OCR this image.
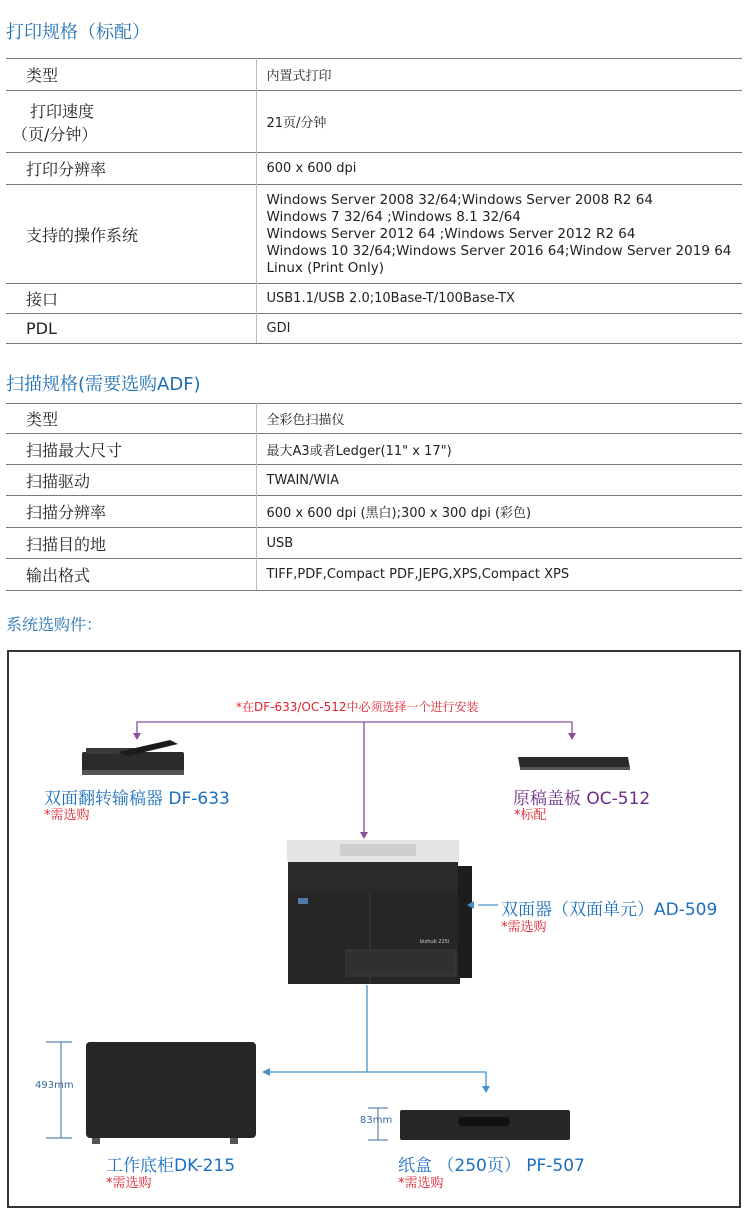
打印规格（标配）
类型	内置式打印

打印速度
（页/分钟）	21页/分钟
打印分辨率	600 x 600 dpi
支持的操作系统	Windows Server 2008 32/64;Windows Server 2008 R2 64
Windows 7 32/64 ;Windows 8.1 32/64
Windows Server 2012 64 ;Windows Server 2012 R2 64
Windows 10 32/64;Windows Server 2016 64;Window Server 2019 64
Linux (Print Only)

接口	USB1.1/USB 2.0;10Base-T/100Base-TX
PDL	GDI
扫描规格(需要选购ADF)
类型	全彩色扫描仪
扫描最大尺寸	最大A3或者Ledger(11" x 17")
扫描驱动	TWAIN/WIA
扫描分辨率	600 x 600 dpi (黑白);300 x 300 dpi (彩色)
扫描目的地	USB
输出格式	TIFF,PDF,Compact PDF,JEPG,XPS,Compact XPS
系统选购件：
bizhub 225i
*在DF-633/OC-512中必须选择一个进行安装
双面翻转输稿器 DF-633
*需选购
原稿盖板 OC-512
*标配
双面器（双面单元）AD-509
*需选购
493mm
工作底柜DK-215
*需选购
83mm
纸盒 （250页） PF-507
*需选购
